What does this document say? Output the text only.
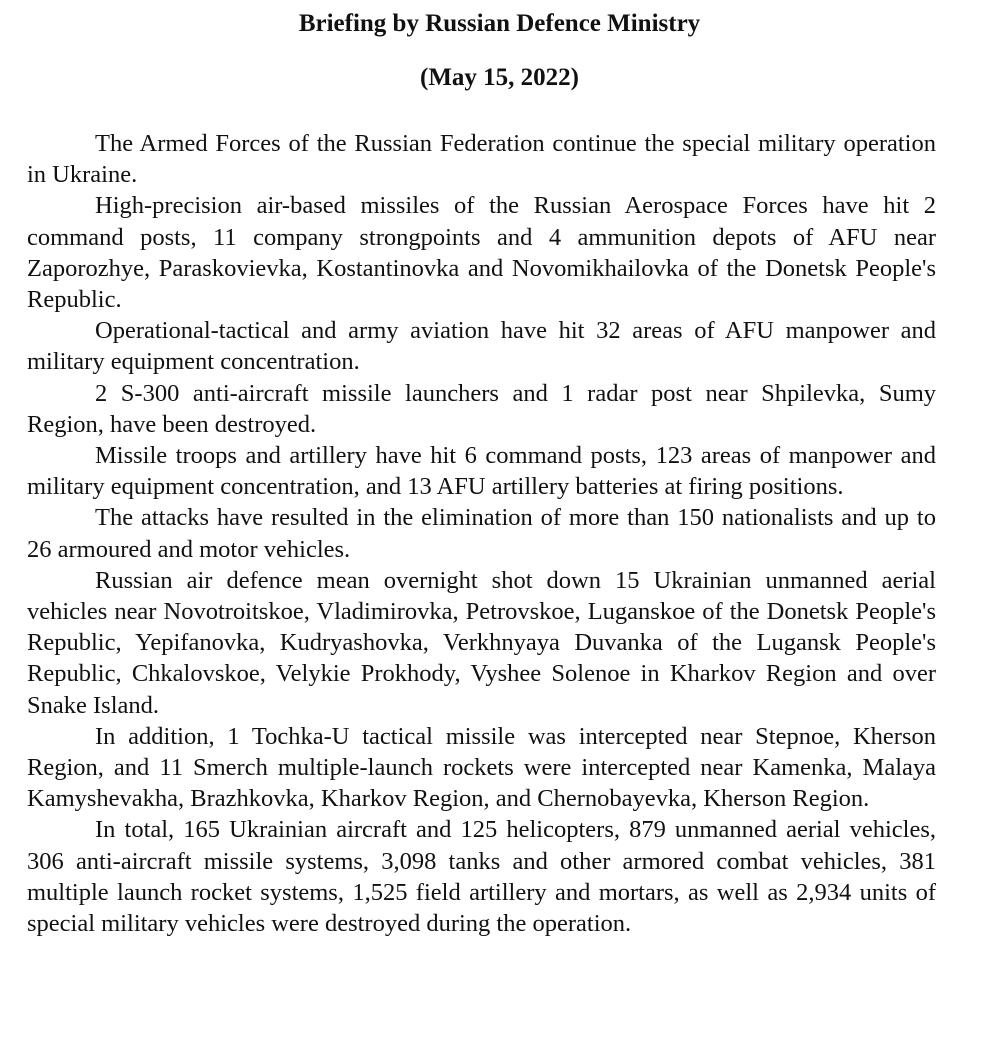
Briefing by Russian Defence Ministry
(May 15, 2022)

The Armed Forces of the Russian Federation continue the special military operation in Ukraine.

High-precision air-based missiles of the Russian Aerospace Forces have hit 2 command posts, 11 company strongpoints and 4 ammunition depots of AFU near Zaporozhye, Paraskovievka, Kostantinovka and Novomikhailovka of the Donetsk People's Republic.

Operational-tactical and army aviation have hit 32 areas of AFU manpower and military equipment concentration.

2 S-300 anti-aircraft missile launchers and 1 radar post near Shpilevka, Sumy Region, have been destroyed.

Missile troops and artillery have hit 6 command posts, 123 areas of manpower and military equipment concentration, and 13 AFU artillery batteries at firing positions.

The attacks have resulted in the elimination of more than 150 nationalists and up to 26 armoured and motor vehicles.

Russian air defence mean overnight shot down 15 Ukrainian unmanned aerial vehicles near Novotroitskoe, Vladimirovka, Petrovskoe, Luganskoe of the Donetsk People's Republic, Yepifanovka, Kudryashovka, Verkhnyaya Duvanka of the Lugansk People's Republic, Chkalovskoe, Velykie Prokhody, Vyshee Solenoe in Kharkov Region and over Snake Island.

In addition, 1 Tochka-U tactical missile was intercepted near Stepnoe, Kherson Region, and 11 Smerch multiple-launch rockets were intercepted near Kamenka, Malaya Kamyshevakha, Brazhkovka, Kharkov Region, and Chernobayevka, Kherson Region.

In total, 165 Ukrainian aircraft and 125 helicopters, 879 unmanned aerial vehicles, 306 anti-aircraft missile systems, 3,098 tanks and other armored combat vehicles, 381 multiple launch rocket systems, 1,525 field artillery and mortars, as well as 2,934 units of special military vehicles were destroyed during the operation.
